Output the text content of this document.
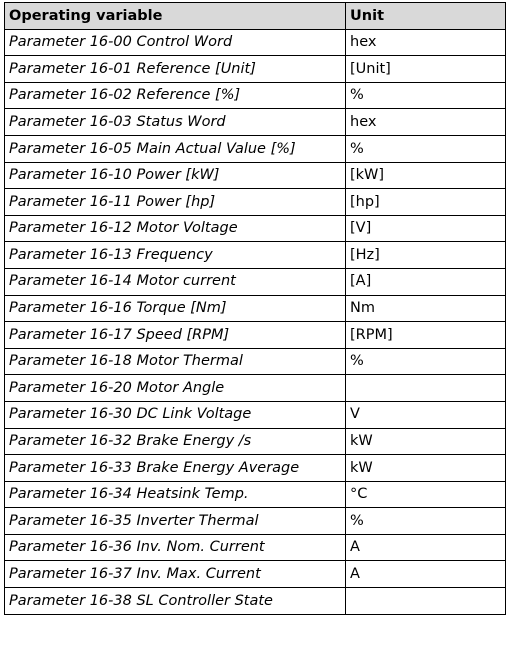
Operating variable	Unit
Parameter 16-00 Control Word	hex
Parameter 16-01 Reference [Unit]	[Unit]
Parameter 16-02 Reference [%]	%
Parameter 16-03 Status Word	hex
Parameter 16-05 Main Actual Value [%]	%
Parameter 16-10 Power [kW]	[kW]
Parameter 16-11 Power [hp]	[hp]
Parameter 16-12 Motor Voltage	[V]
Parameter 16-13 Frequency	[Hz]
Parameter 16-14 Motor current	[A]
Parameter 16-16 Torque [Nm]	Nm
Parameter 16-17 Speed [RPM]	[RPM]
Parameter 16-18 Motor Thermal	%
Parameter 16-20 Motor Angle	
Parameter 16-30 DC Link Voltage	V
Parameter 16-32 Brake Energy /s	kW
Parameter 16-33 Brake Energy Average	kW
Parameter 16-34 Heatsink Temp.	°C
Parameter 16-35 Inverter Thermal	%
Parameter 16-36 Inv. Nom. Current	A
Parameter 16-37 Inv. Max. Current	A
Parameter 16-38 SL Controller State	
